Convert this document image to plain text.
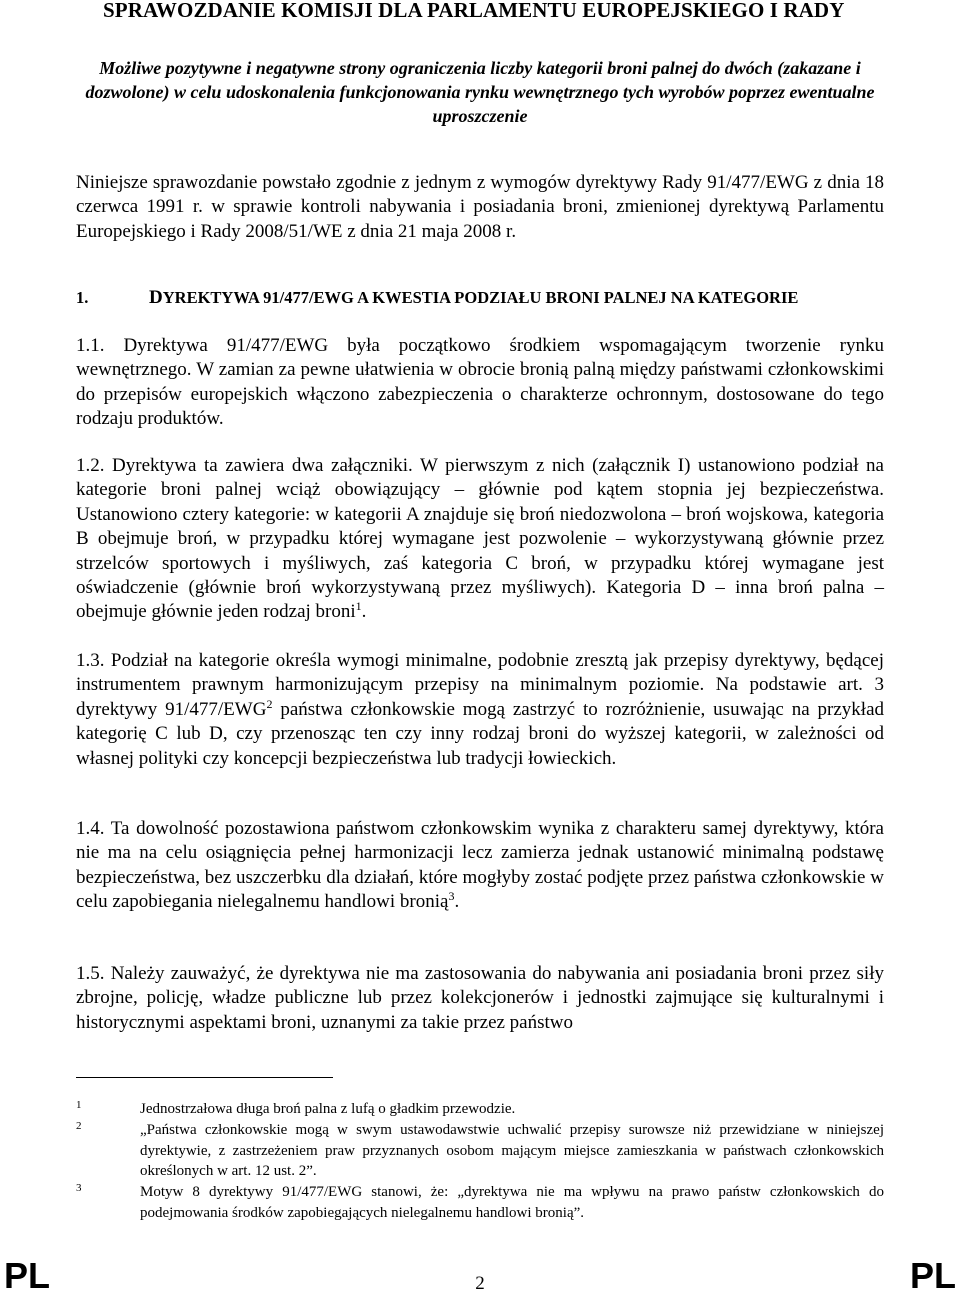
SPRAWOZDANIE KOMISJI DLA PARLAMENTU EUROPEJSKIEGO I RADY

Możliwe pozytywne i negatywne strony ograniczenia liczby kategorii broni palnej do dwóch (zakazane i dozwolone) w celu udoskonalenia funkcjonowania rynku wewnętrznego tych wyrobów poprzez ewentualne uproszczenie

Niniejsze sprawozdanie powstało zgodnie z jednym z wymogów dyrektywy Rady 91/477/EWG z dnia 18 czerwca 1991 r. w sprawie kontroli nabywania i posiadania broni, zmienionej dyrektywą Parlamentu Europejskiego i Rady 2008/51/WE z dnia 21 maja 2008 r.

1.	DYREKTYWA 91/477/EWG A KWESTIA PODZIAŁU BRONI PALNEJ NA KATEGORIE

1.1. Dyrektywa 91/477/EWG była początkowo środkiem wspomagającym tworzenie rynku wewnętrznego. W zamian za pewne ułatwienia w obrocie bronią palną między państwami członkowskimi do przepisów europejskich włączono zabezpieczenia o charakterze ochronnym, dostosowane do tego rodzaju produktów.

1.2. Dyrektywa ta zawiera dwa załączniki. W pierwszym z nich (załącznik I) ustanowiono podział na kategorie broni palnej wciąż obowiązujący – głównie pod kątem stopnia jej bezpieczeństwa. Ustanowiono cztery kategorie: w kategorii A znajduje się broń niedozwolona – broń wojskowa, kategoria B obejmuje broń, w przypadku której wymagane jest pozwolenie – wykorzystywaną głównie przez strzelców sportowych i myśliwych, zaś kategoria C broń, w przypadku której wymagane jest oświadczenie (głównie broń wykorzystywaną przez myśliwych). Kategoria D – inna broń palna – obejmuje głównie jeden rodzaj broni$^1$.

1.3. Podział na kategorie określa wymogi minimalne, podobnie zresztą jak przepisy dyrektywy, będącej instrumentem prawnym harmonizującym przepisy na minimalnym poziomie. Na podstawie art. 3 dyrektywy 91/477/EWG$^2$ państwa członkowskie mogą zastrzyć to rozróżnienie, usuwając na przykład kategorię C lub D, czy przenosząc ten czy inny rodzaj broni do wyższej kategorii, w zależności od własnej polityki czy koncepcji bezpieczeństwa lub tradycji łowieckich.

1.4. Ta dowolność pozostawiona państwom członkowskim wynika z charakteru samej dyrektywy, która nie ma na celu osiągnięcia pełnej harmonizacji lecz zamierza jednak ustanowić minimalną podstawę bezpieczeństwa, bez uszczerbku dla działań, które mogłyby zostać podjęte przez państwa członkowskie w celu zapobiegania nielegalnemu handlowi bronią$^3$.

1.5. Należy zauważyć, że dyrektywa nie ma zastosowania do nabywania ani posiadania broni przez siły zbrojne, policję, władze publiczne lub przez kolekcjonerów i jednostki zajmujące się kulturalnymi i historycznymi aspektami broni, uznanymi za takie przez państwo

1	Jednostrzałowa długa broń palna z lufą o gładkim przewodzie.
2	„Państwa członkowskie mogą w swym ustawodawstwie uchwalić przepisy surowsze niż przewidziane w niniejszej dyrektywie, z zastrzeżeniem praw przyznanych osobom mającym miejsce zamieszkania w państwach członkowskich określonych w art. 12 ust. 2”.
3	Motyw 8 dyrektywy 91/477/EWG stanowi, że: „dyrektywa nie ma wpływu na prawo państw członkowskich do podejmowania środków zapobiegających nielegalnemu handlowi bronią”.

PL	2	PL
